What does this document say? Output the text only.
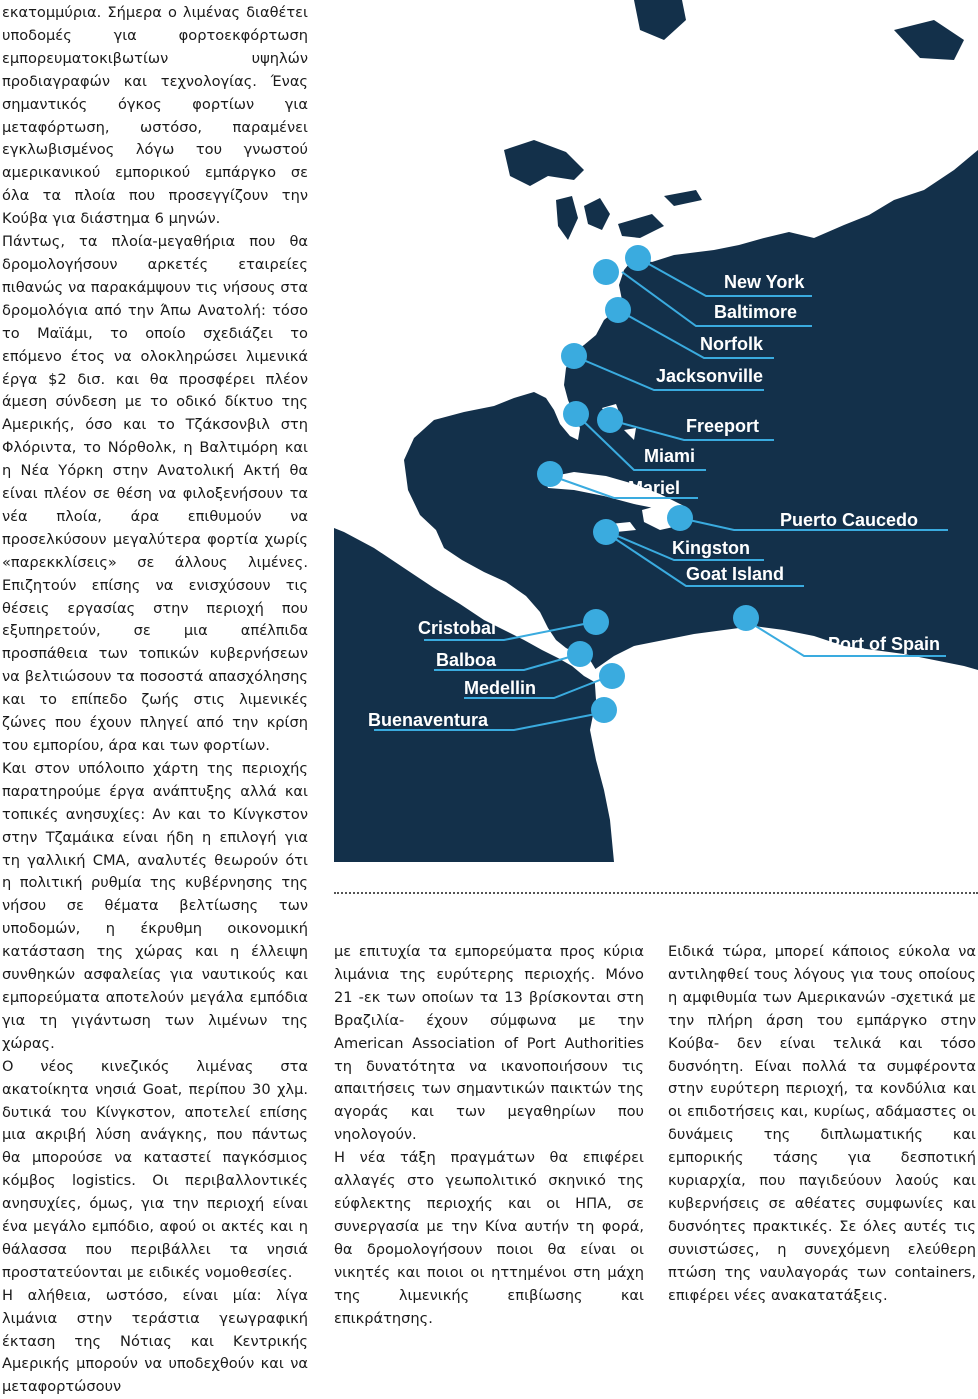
εκατομμύρια. Σήμερα ο λιμένας διαθέτει υποδομές για φορτοεκφόρτωση εμπορευματοκιβωτίων υψηλών προδιαγραφών και τεχνολογίας. Ένας σημαντικός όγκος φορτίων για μεταφόρτωση, ωστόσο, παραμένει εγκλωβισμένος λόγω του γνωστού αμερικανικού εμπορικού εμπάργκο σε όλα τα πλοία που προσεγγίζουν την Κούβα για διάστημα 6 μηνών.

Πάντως, τα πλοία-μεγαθήρια που θα δρομολογήσουν αρκετές εταιρείες πιθανώς να παρακάμψουν τις νήσους στα δρομολόγια από την Άπω Ανατολή: τόσο το Μαϊάμι, το οποίο σχεδιάζει το επόμενο έτος να ολοκληρώσει λιμενικά έργα $2 δισ. και θα προσφέρει πλέον άμεση σύνδεση με το οδικό δίκτυο της Αμερικής, όσο και το Τζάκσονβιλ στη Φλόριντα, το Νόρθολκ, η Βαλτιμόρη και η Νέα Υόρκη στην Ανατολική Ακτή θα είναι πλέον σε θέση να φιλοξενήσουν τα νέα πλοία, άρα επιθυμούν να προσελκύσουν μεγαλύτερα φορτία χωρίς «παρεκκλίσεις» σε άλλους λιμένες. Επιζητούν επίσης να ενισχύσουν τις θέσεις εργασίας στην περιοχή που εξυπηρετούν, σε μια απέλπιδα προσπάθεια των τοπικών κυβερνήσεων να βελτιώσουν τα ποσοστά απασχόλησης και το επίπεδο ζωής στις λιμενικές ζώνες που έχουν πληγεί από την κρίση του εμπορίου, άρα και των φορτίων.

Και στον υπόλοιπο χάρτη της περιοχής παρατηρούμε έργα ανάπτυξης αλλά και τοπικές ανησυχίες: Αν και το Κίνγκστον στην Τζαμάικα είναι ήδη η επιλογή για τη γαλλική CMA, αναλυτές θεωρούν ότι η πολιτική ρυθμία της κυβέρνησης της νήσου σε θέματα βελτίωσης των υποδομών, η έκρυθμη οικονομική κατάσταση της χώρας και η έλλειψη συνθηκών ασφαλείας για ναυτικούς και εμπορεύματα αποτελούν μεγάλα εμπόδια για τη γιγάντωση των λιμένων της χώρας.

Ο νέος κινεζικός λιμένας στα ακατοίκητα νησιά Goat, περίπου 30 χλμ. δυτικά του Κίνγκστον, αποτελεί επίσης μια ακριβή λύση ανάγκης, που πάντως θα μπορούσε να καταστεί παγκόσμιος κόμβος logistics. Οι περιβαλλοντικές ανησυχίες, όμως, για την περιοχή είναι ένα μεγάλο εμπόδιο, αφού οι ακτές και η θάλασσα που περιβάλλει τα νησιά προστατεύονται με ειδικές νομοθεσίες.

Η αλήθεια, ωστόσο, είναι μία: λίγα λιμάνια στην τεράστια γεωγραφική έκταση της Νότιας και Κεντρικής Αμερικής μπορούν να υποδεχθούν και να μεταφορτώσουν

New York
Baltimore
Norfolk
Jacksonville
Freeport
Miami
Mariel
Puerto Caucedo
Kingston
Goat Island
Cristobal
Balboa
Medellin
Buenaventura
Port of Spain

με επιτυχία τα εμπορεύματα προς κύρια λιμάνια της ευρύτερης περιοχής. Μόνο 21 -εκ των οποίων τα 13 βρίσκονται στη Βραζιλία- έχουν σύμφωνα με την American Association of Port Authorities τη δυνατότητα να ικανοποιήσουν τις απαιτήσεις των σημαντικών παικτών της αγοράς και των μεγαθηρίων που νηολογούν.

Η νέα τάξη πραγμάτων θα επιφέρει αλλαγές στο γεωπολιτικό σκηνικό της εύφλεκτης περιοχής και οι ΗΠΑ, σε συνεργασία με την Κίνα αυτήν τη φορά, θα δρομολογήσουν ποιοι θα είναι οι νικητές και ποιοι οι ηττημένοι στη μάχη της λιμενικής επιβίωσης και επικράτησης.

Ειδικά τώρα, μπορεί κάποιος εύκολα να αντιληφθεί τους λόγους για τους οποίους η αμφιθυμία των Αμερικανών -σχετικά με την πλήρη άρση του εμπάργκο στην Κούβα- δεν είναι τελικά και τόσο δυσνόητη. Είναι πολλά τα συμφέροντα στην ευρύτερη περιοχή, τα κονδύλια και οι επιδοτήσεις και, κυρίως, αδάμαστες οι δυνάμεις της διπλωματικής και εμπορικής τάσης για δεσποτική κυριαρχία, που παγιδεύουν λαούς και κυβερνήσεις σε αθέατες συμφωνίες και δυσνόητες πρακτικές. Σε όλες αυτές τις συνιστώσες, η συνεχόμενη ελεύθερη πτώση της ναυλαγοράς των containers, επιφέρει νέες ανακατατάξεις.
